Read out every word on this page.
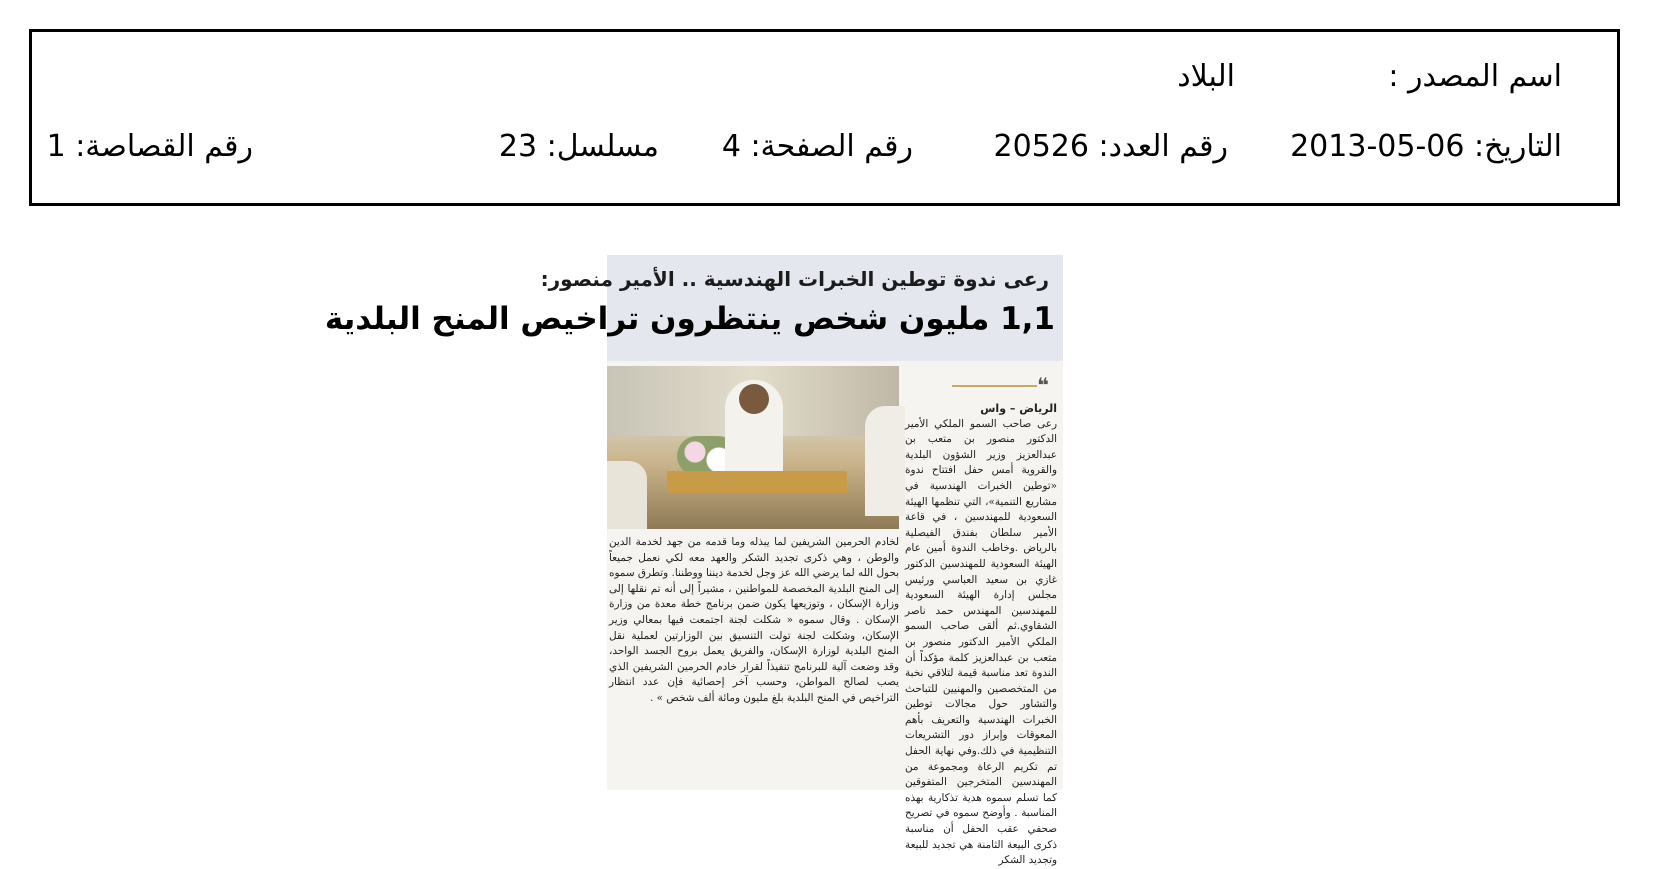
اسم المصدر :
البلاد
التاريخ: 06-05-2013
رقم العدد: 20526
رقم الصفحة: 4
مسلسل: 23
رقم القصاصة: 1
رعى ندوة توطين الخبرات الهندسية .. الأمير منصور:
1,1 مليون شخص ينتظرون تراخيص المنح البلدية
❝
الرياض – واس

رعى صاحب السمو الملكي الأمير الدكتور منصور بن متعب بن عبدالعزيز وزير الشؤون البلدية والقروية أمس حفل افتتاح ندوة «توطين الخبرات الهندسية في مشاريع التنمية»، التي تنظمها الهيئة السعودية للمهندسين ، في قاعة الأمير سلطان بفندق الفيصلية بالرياض .وخاطب الندوة أمين عام الهيئة السعودية للمهندسين الدكتور غازي بن سعيد العباسي ورئيس مجلس إدارة الهيئة السعودية للمهندسين المهندس حمد ناصر الشقاوي.ثم ألقى صاحب السمو الملكي الأمير الدكتور منصور بن متعب بن عبدالعزيز كلمة مؤكداً أن الندوة تعد مناسبة قيمة لتلاقي نخبة من المتخصصين والمهنيين للتباحث والتشاور حول مجالات توطين الخبرات الهندسية والتعريف بأهم المعوقات وإبراز دور التشريعات التنظيمية في ذلك.وفي نهاية الحفل تم تكريم الرعاة ومجموعة من المهندسين المتخرجين المتفوقين كما تسلم سموه هدية تذكارية بهذه المناسبة . وأوضح سموه في تصريح صحفي عقب الحفل أن مناسبة ذكرى البيعة الثامنة هي تجديد للبيعة وتجديد الشكر

لخادم الحرمين الشريفين لما يبذله وما قدمه من جهد لخدمة الدين والوطن ، وهي ذكرى تجديد الشكر والعهد معه لكي نعمل جميعاً بحول الله لما يرضي الله عز وجل لخدمة ديننا ووطننا. وتطرق سموه إلى المنح البلدية المخصصة للمواطنين ، مشيراً إلى أنه تم نقلها إلى وزارة الإسكان ، وتوزيعها يكون ضمن برنامج خطة معدة من وزارة الإسكان . وقال سموه « شكلت لجنة اجتمعت فيها بمعالي وزير الإسكان، وشكلت لجنة تولت التنسيق بين الوزارتين لعملية نقل المنح البلدية لوزارة الإسكان، والفريق يعمل بروح الجسد الواحد، وقد وضعت آلية للبرنامج تنفيذاً لقرار خادم الحرمين الشريفين الذي يصب لصالح المواطن، وحسب آخر إحصائية فإن عدد انتظار التراخيص في المنح البلدية بلغ مليون ومائة ألف شخص » .
